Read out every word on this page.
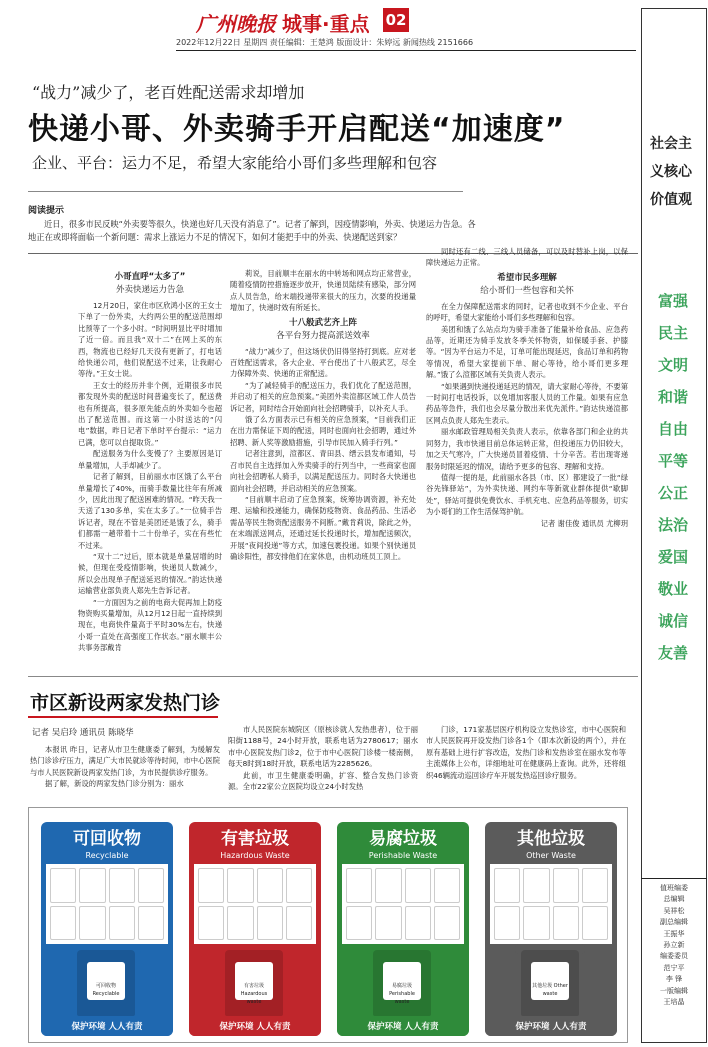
广州晚报 城事·重点 02
2022年12月22日 星期四 责任编辑：王楚鸿 版面设计：朱婷远 新闻热线 2151666
“战力”减少了，老百姓配送需求却增加
快递小哥、外卖骑手开启配送“加速度”
企业、平台：运力不足，希望大家能给小哥们多些理解和包容
阅读提示
近日，很多市民反映“外卖要等很久，快递也好几天没有消息了”。记者了解到，因疫情影响，外卖、快递运力告急。各地正在或即将面临一个新问题：需求上涨运力不足的情况下，如何才能把手中的外卖、快递配送到家？

小哥直呼“太多了”

外卖快递运力告急

12月20日，家住市区欣鸿小区的王女士下单了一份外卖，大约两公里的配送范围却比预等了一个多小时。“时间明显比平时增加了近一倍。而且我“双十二”在网上买的东西，物流也已经好几天没有更新了，打电话给快递公司，他们说配送不过来，让我耐心等待。”王女士说。

王女士的经历并非个例，近期很多市民都发现外卖的配送时间普遍变长了，配送费也有所提高，很多原先能点的外卖如今也超出了配送范围。而这第一小时送达的“闪电”数据，昨日记者下单时平台提示：“运力已满，您可以自提取货。”

配送服务为什么变慢了？主要原因是订单量增加，人手却减少了。

记者了解到，目前丽水市区饿了么平台单量增长了40%，而骑手数量比往年有所减少，因此出现了配送困难的情况。“昨天我一天送了130多单，实在太多了。”一位骑手告诉记者，现在不管是美团还是饿了么，骑手们都需一趟带着十二十份单子，实在有些忙不过来。

“双十二”过后，原本就是单量居增的时候，但现在受疫情影响，快递员人数减少，所以会出现单子配送延迟的情况。”韵达快递运输营业部负责人郑先生告诉记者。

“一方面因为之前的电商大促再加上防疫物资购买量增加，从12月12日起一直持续到现在，电商快件量高于平时30%左右，快递小哥一直处在高强度工作状态。”丽水顺丰公共事务部戴肯

莉说，目前顺丰在丽水的中转场和网点均正常营业，随着疫情防控措施逐步放开，快递员陆续有感染，部分网点人员告急，给末端投递带来很大的压力，次要的投递量增加了，快递时效有所延长。

十八般武艺齐上阵

各平台努力提高派送效率

“战力”减少了，但这场伏仍旧得坚持打到底。应对老百姓配送需求，各大企业、平台使出了十八般武艺，尽全力保障外卖、快递的正常配送。

“为了减轻骑手的配送压力，我们优化了配送范围，并启动了相关的应急预案。”美团外卖渲都区域工作人员告诉记者，同时结合开始面向社会招聘骑手，以补充人手。

饿了么方面表示已有相关的应急预案，“目前我们正在出力需保证下周的配送，同时也面向社会招聘，通过外招聘、新人奖等激励措施，引导市民加入骑手行列。”

记者注意到，渲都区、青田县、缙云县发布通知，号召市民自主选择加入外卖骑手的行列当中，一些商家也面向社会招聘私人骑手，以满足配送压力。同时各大快递也面向社会招聘，并启动相关的应急预案。

“目前顺丰启动了应急预案，统筹协调资源，补充处理、运输和投递能力，确保防疫物资、食品药品、生活必需品等民生物资配送服务不间断。”戴肯莉说，除此之外，在末端派送网点，还通过延长投递时长，增加配送频次，开展“夜间投递”等方式，加速包裹投递。如果个别快递员确诊阳性，都安排他们在家休息，由机动班员工顶上。

同时还有二线、三线人员储备，可以及时替补上岗，以保障快递运力正常。

希望市民多理解

给小哥们一些包容和关怀

在全力保障配送需求的同时，记者也收到不少企业、平台的呼吁，希望大家能给小哥们多些理解和包容。

美团和饿了么站点均为骑手准备了能量补给食品、应急药品等，近期还为骑手发放冬季关怀物资，如保暖手套、护膝等。“因为平台运力不足，订单可能出现延迟，食品订单和药物等情况，希望大家提前下单、耐心等待，给小哥们更多理解。”饿了么渲都区域有关负责人表示。

“如果遇到快递投递延迟的情况，请大家耐心等待，不要第一时间打电话投诉，以免增加客服人员的工作量。如果有应急药品等急件，我们也会尽量分散出来优先派件。”韵达快递渲都区网点负责人郑先生表示。

丽水邮政管理局相关负责人表示，依靠各部门和企业的共同努力，我市快递目前总体运转正常，但投递压力仍旧较大，加之天气寒冷，广大快递员冒着疫情、十分辛苦。若出现寄递服务时限延迟的情况，请给予更多的包容、理解和支持。

值得一提的是，此前丽水各县（市、区）都建设了一批“绿谷先锋驿站”，为外卖快递、网约车等新就业群体提供“歇脚处”，驿站可提供免费饮水、手机充电、应急药品等服务，切实为小哥们的工作生活保驾护航。

记者 谢佳俊 通讯员 尤柳玥

市区新设两家发热门诊
记者 吴启玲 通讯员 陈晓华

本报讯 昨日，记者从市卫生健康委了解到，为缓解发热门诊诊疗压力，满足广大市民就诊等待时间，市中心医院与市人民医院新设两家发热门诊，为市民提供诊疗服务。

据了解，新设的两家发热门诊分别为：丽水

市人民医院东城院区（原核诊就人发热患者），位于丽阳街1188号，24小时开放，联系电话为2780617；丽水市中心医院发热门诊2，位于市中心医院门诊楼一楼南侧，每天8时到18时开放，联系电话为2285626。

此前，市卫生健康委明确，扩容、整合发热门诊资源。全市22家公立医院均设立24小时发热

门诊，171家基层医疗机构设立发热诊室，市中心医院和市人民医院再开设发热门诊各1个（即本次新设的两个），并在原有基础上进行扩容改造，发热门诊和发热诊室在丽水发布等主流媒体上公布，详细地址可在健康码上查询。此外，还将组织46辆流动巡回诊疗车开展发热巡回诊疗服务。

社会主义核心价值观
富强
民主
文明
和谐
自由
平等
公正
法治
爱国
敬业
诚信
友善
值班编委
总编辑
吴祥松
副总编辑
王振华
孙立新
编委委员
范宁平
李 锋
一版编辑
王培晶
可回收物
Recyclable
可回收物 Recyclable
保护环境 人人有责
有害垃圾
Hazardous Waste
有害垃圾 Hazardous waste
保护环境 人人有责
易腐垃圾
Perishable Waste
易腐垃圾 Perishable waste
保护环境 人人有责
其他垃圾
Other Waste
其他垃圾 Other waste
保护环境 人人有责
